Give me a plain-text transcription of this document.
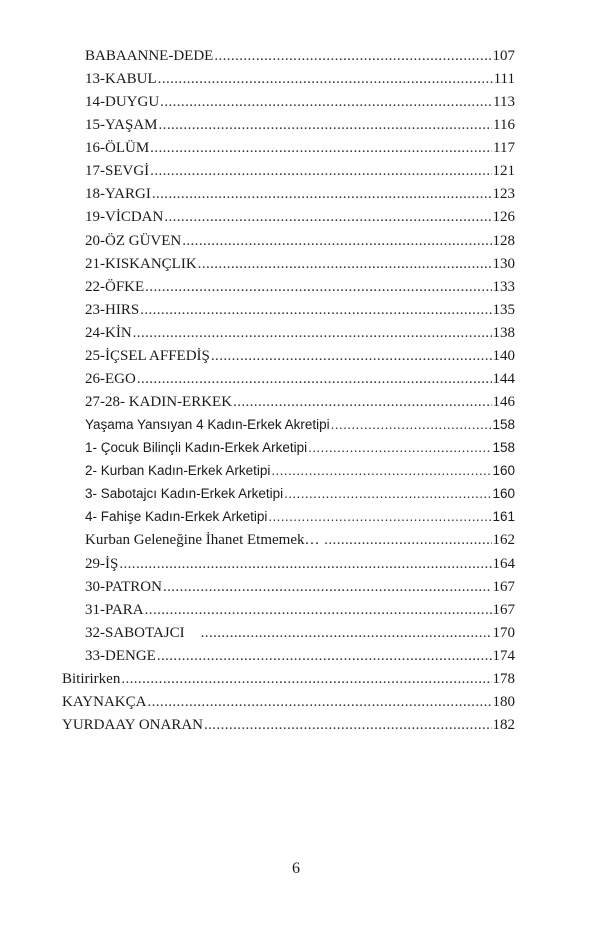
BABAANNE-DEDE .....	107
13-KABUL .....	111
14-DUYGU .....	113
15-YAŞAM .....	116
16-ÖLÜM .....	117
17-SEVGİ .....	121
18-YARGI .....	123
19-VİCDAN .....	126
20-ÖZ GÜVEN .....	128
21-KISKANÇLIK .....	130
22-ÖFKE .....	133
23-HIRS .....	135
24-KİN .....	138
25-İÇSEL AFFEDİŞ .....	140
26-EGO .....	144
27-28- KADIN-ERKEK .....	146
Yaşama Yansıyan 4 Kadın-Erkek Akretipi .....	158
1- Çocuk Bilinçli Kadın-Erkek Arketipi .....	158
2- Kurban Kadın-Erkek Arketipi .....	160
3- Sabotajcı Kadın-Erkek Arketipi .....	160
4- Fahişe Kadın-Erkek Arketipi .....	161
Kurban Geleneğine İhanet Etmemek… .....	162
29-İŞ .....	164
30-PATRON .....	167
31-PARA .....	167
32-SABOTAJCI .....	170
33-DENGE .....	174
Bitirirken .....	178
KAYNAKÇA .....	180
YURDAAY ONARAN .....	182
6
